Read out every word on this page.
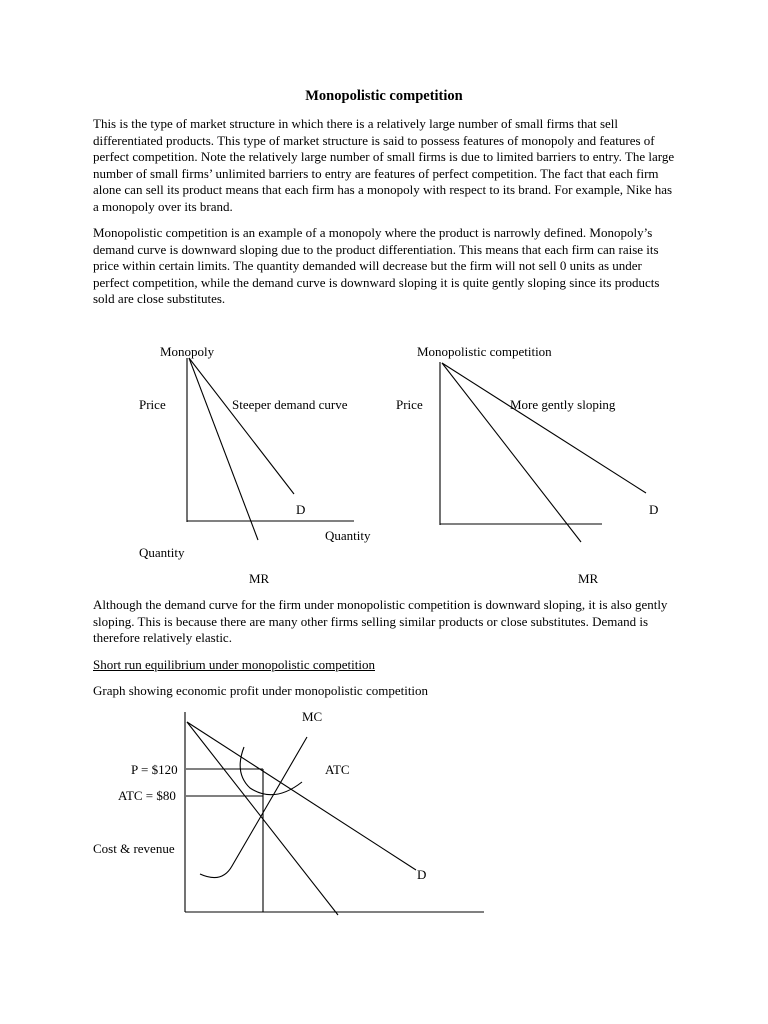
Monopolistic competition

This is the type of market structure in which there is a relatively large number of small firms that sell differentiated products. This type of market structure is said to possess features of monopoly and features of perfect competition. Note the relatively large number of small firms is due to limited barriers to entry. The large number of small firms’ unlimited barriers to entry are features of perfect competition. The fact that each firm alone can sell its product means that each firm has a monopoly with respect to its brand. For example, Nike has a monopoly over its brand.

Monopolistic competition is an example of a monopoly where the product is narrowly defined. Monopoly’s demand curve is downward sloping due to the product differentiation. This means that each firm can raise its price within certain limits. The quantity demanded will decrease but the firm will not sell 0 units as under perfect competition, while the demand curve is downward sloping it is quite gently sloping since its products sold are close substitutes.

Monopoly
Price	Steeper demand curve
D
Quantity
Quantity
MR
Monopolistic competition
Price	More gently sloping
D
MR

Although the demand curve for the firm under monopolistic competition is downward sloping, it is also gently sloping. This is because there are many other firms selling similar products or close substitutes. Demand is therefore relatively elastic.

Short run equilibrium under monopolistic competition
Graph showing economic profit under monopolistic competition
MC
ATC
P = $120
ATC = $80
Cost & revenue
D
